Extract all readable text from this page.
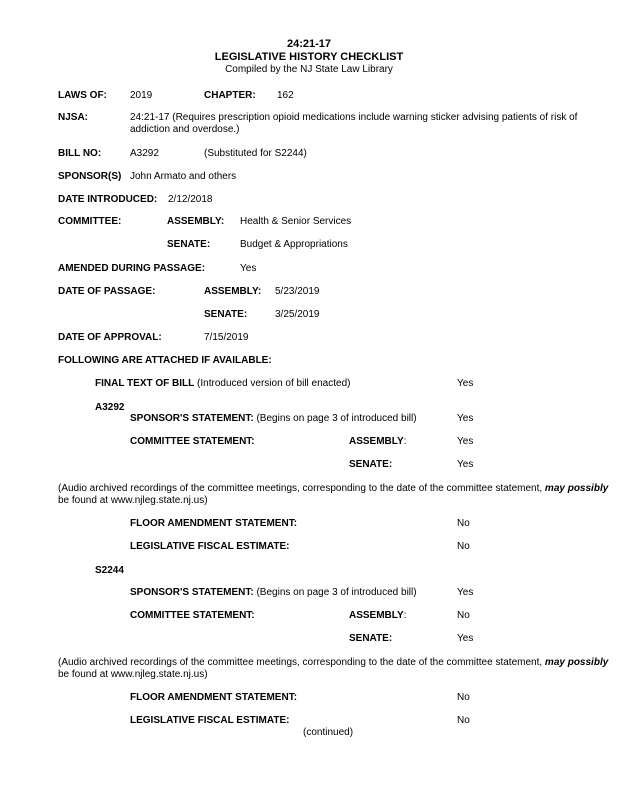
24:21-17
LEGISLATIVE HISTORY CHECKLIST
Compiled by the NJ State Law Library
LAWS OF: 2019	CHAPTER: 162
NJSA:	24:21-17 (Requires prescription opioid medications include warning sticker advising patients of risk of
addiction and overdose.)
BILL NO:	A3292	(Substituted for S2244)
SPONSOR(S) John Armato and others
DATE INTRODUCED: 2/12/2018
COMMITTEE:	ASSEMBLY: Health & Senior Services
SENATE:	Budget & Appropriations
AMENDED DURING PASSAGE:	Yes
DATE OF PASSAGE:	ASSEMBLY: 5/23/2019
SENATE:	3/25/2019
DATE OF APPROVAL:	7/15/2019
FOLLOWING ARE ATTACHED IF AVAILABLE:
FINAL TEXT OF BILL (Introduced version of bill enacted)	Yes
A3292
SPONSOR'S STATEMENT: (Begins on page 3 of introduced bill)	Yes
COMMITTEE STATEMENT:	ASSEMBLY:	Yes
SENATE:	Yes
(Audio archived recordings of the committee meetings, corresponding to the date of the committee statement, may possibly
be found at www.njleg.state.nj.us)
FLOOR AMENDMENT STATEMENT:	No
LEGISLATIVE FISCAL ESTIMATE:	No
S2244
SPONSOR'S STATEMENT: (Begins on page 3 of introduced bill)	Yes
COMMITTEE STATEMENT:	ASSEMBLY:	No
SENATE:	Yes
(Audio archived recordings of the committee meetings, corresponding to the date of the committee statement, may possibly
be found at www.njleg.state.nj.us)
FLOOR AMENDMENT STATEMENT:	No
LEGISLATIVE FISCAL ESTIMATE:	No
(continued)
